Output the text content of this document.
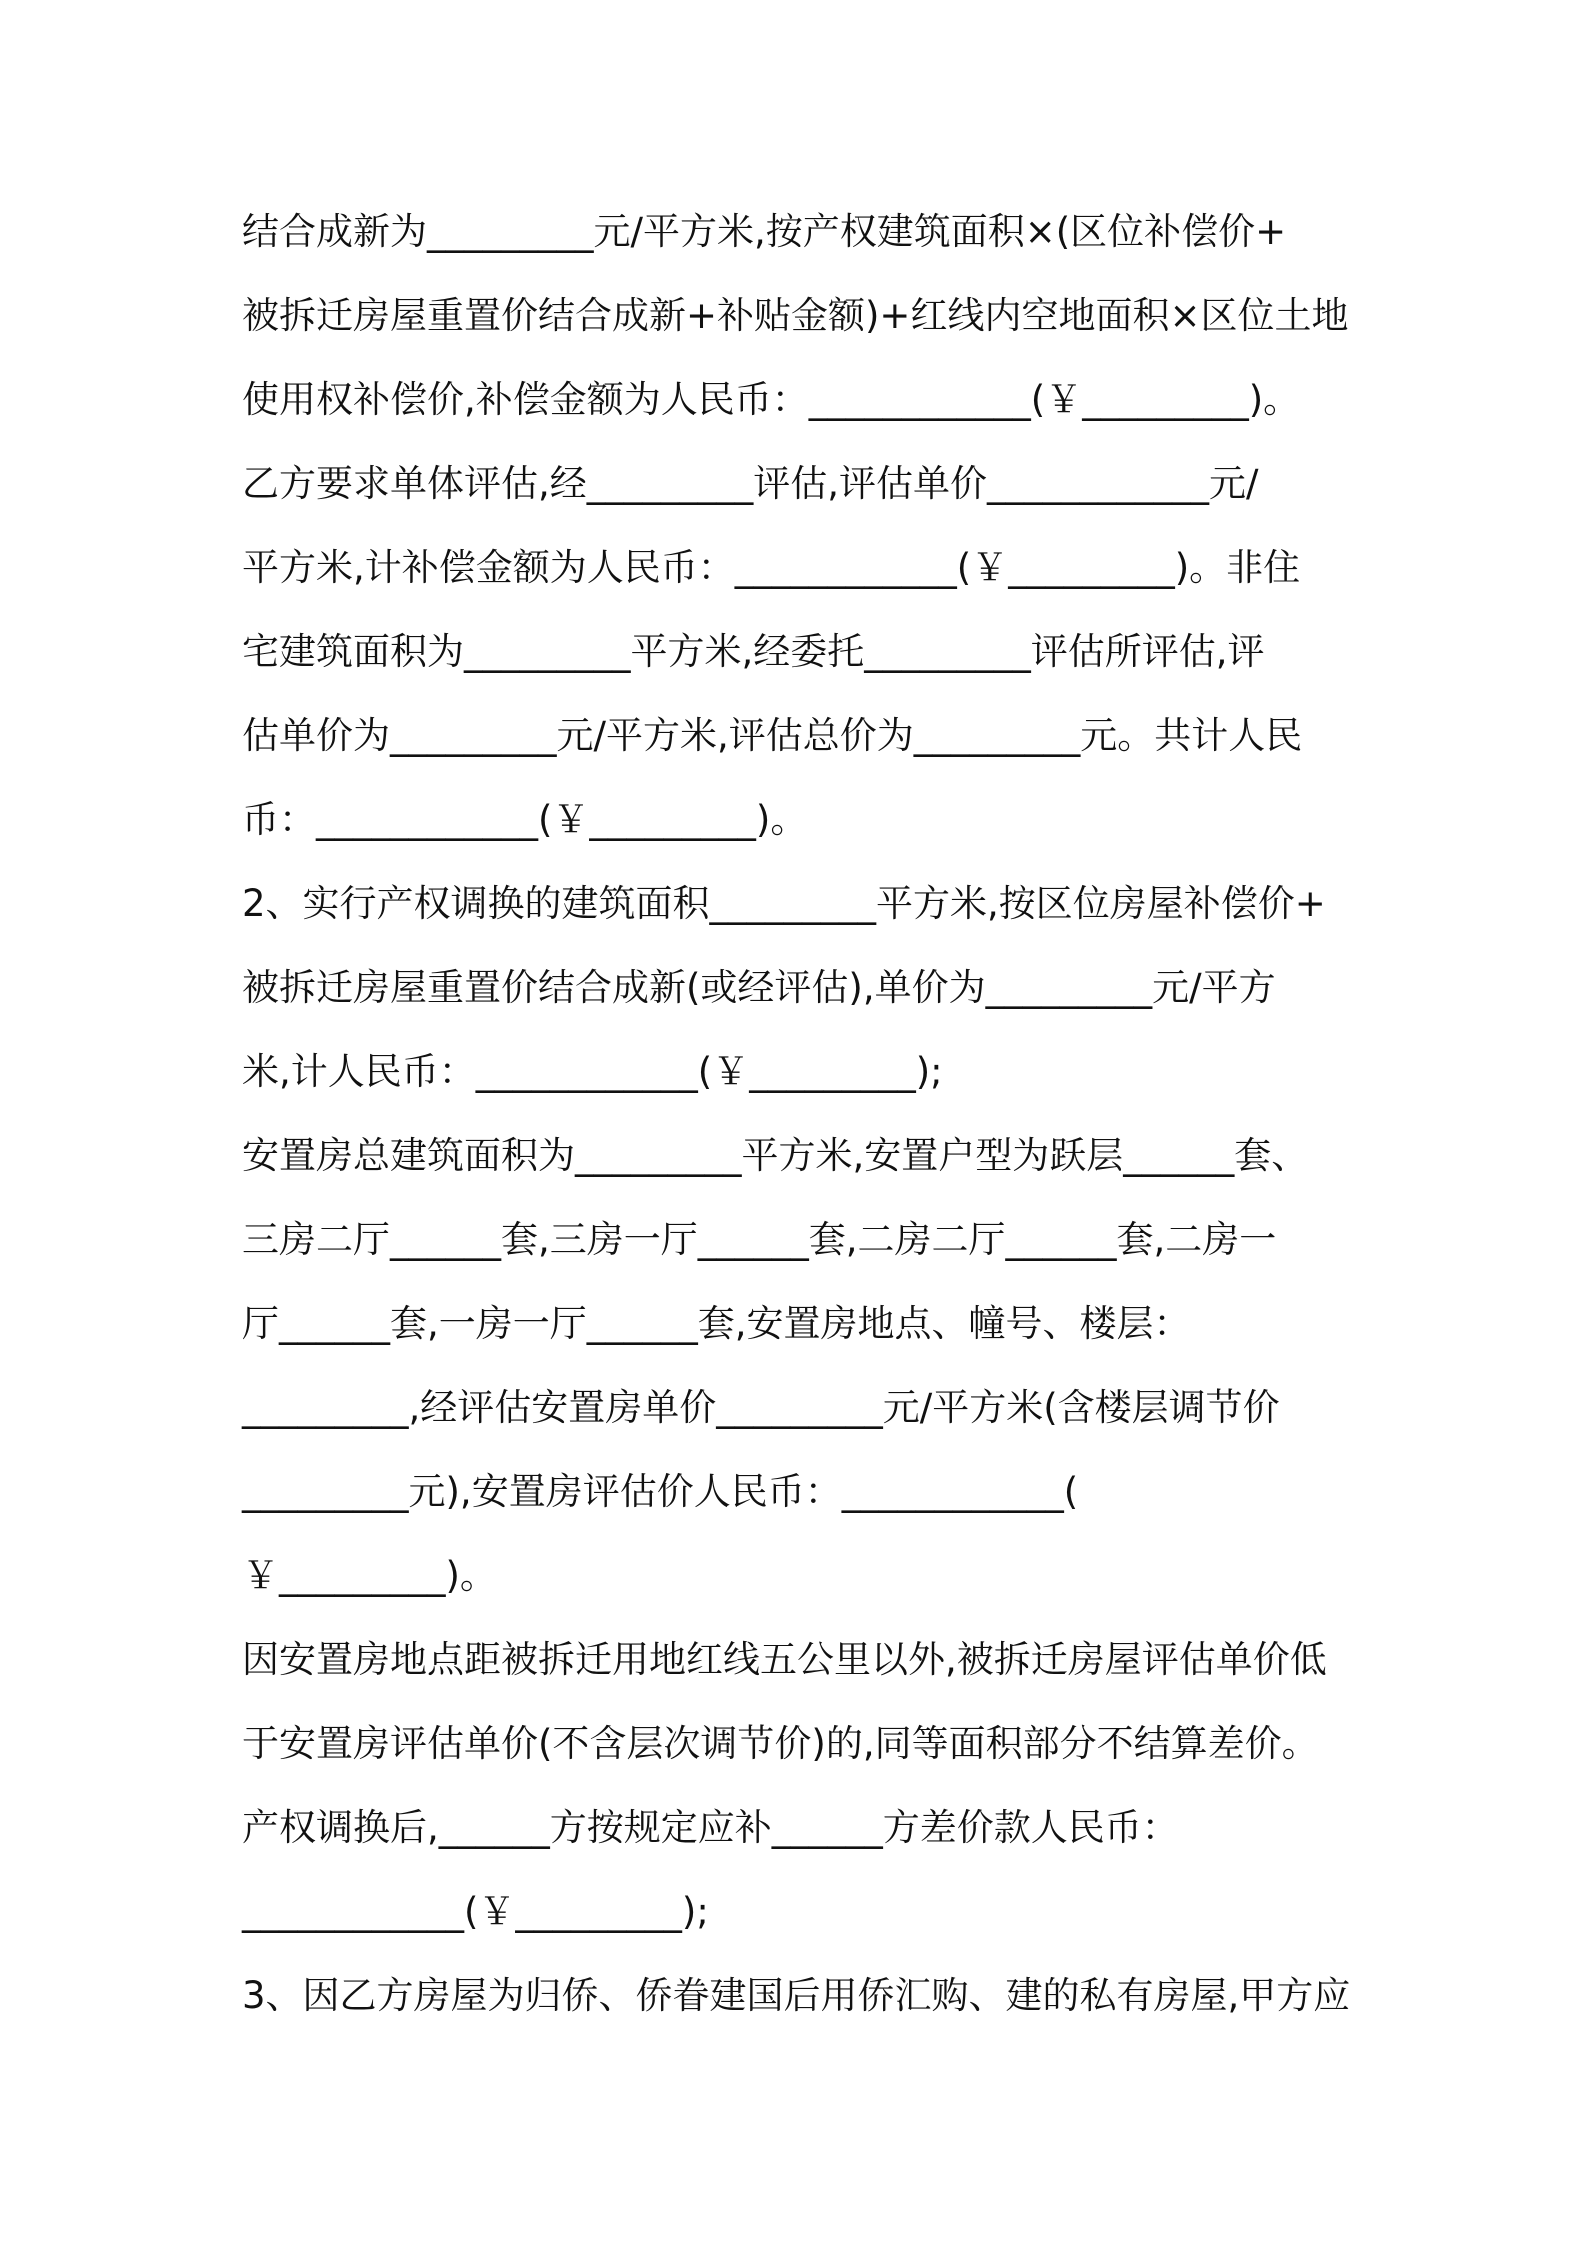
结合成新为_________元/平方米,按产权建筑面积×(区位补偿价+
被拆迁房屋重置价结合成新+补贴金额)+红线内空地面积×区位土地
使用权补偿价,补偿金额为人民币：____________(￥_________)。
乙方要求单体评估,经_________评估,评估单价____________元/
平方米,计补偿金额为人民币：____________(￥_________)。非住
宅建筑面积为_________平方米,经委托_________评估所评估,评
估单价为_________元/平方米,评估总价为_________元。共计人民
币：____________(￥_________)。
2、实行产权调换的建筑面积_________平方米,按区位房屋补偿价+
被拆迁房屋重置价结合成新(或经评估),单价为_________元/平方
米,计人民币：____________(￥_________);
安置房总建筑面积为_________平方米,安置户型为跃层______套、
三房二厅______套,三房一厅______套,二房二厅______套,二房一
厅______套,一房一厅______套,安置房地点、幢号、楼层：
_________,经评估安置房单价_________元/平方米(含楼层调节价
_________元),安置房评估价人民币：____________(
￥_________)。
因安置房地点距被拆迁用地红线五公里以外,被拆迁房屋评估单价低
于安置房评估单价(不含层次调节价)的,同等面积部分不结算差价。
产权调换后,______方按规定应补______方差价款人民币：
____________(￥_________);
3、因乙方房屋为归侨、侨眷建国后用侨汇购、建的私有房屋,甲方应
